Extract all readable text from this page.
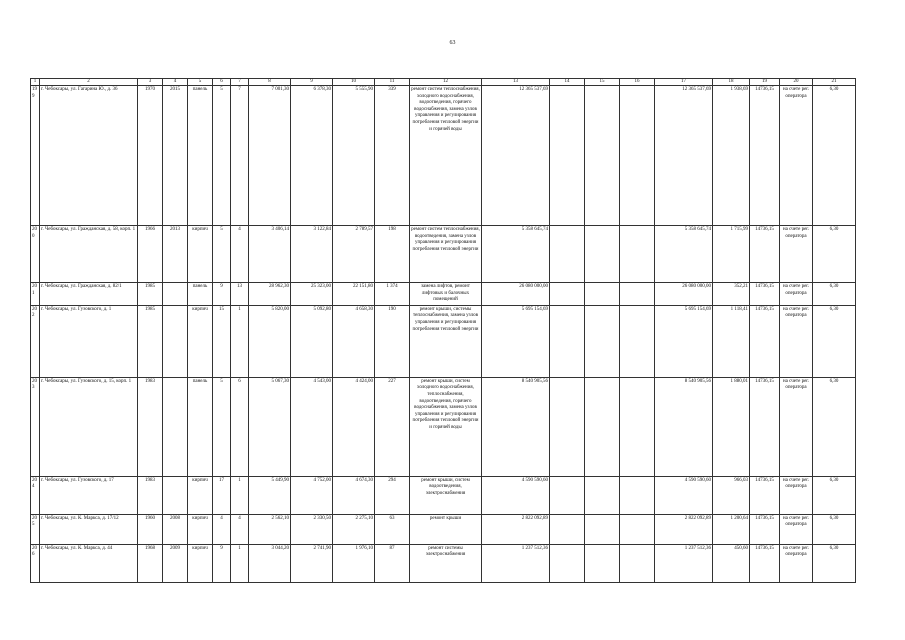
63
1	2	3	4	5	6	7	8	9	10	11	12	13	14	15	16	17	18	19	20	21
199	г. Чебоксары, ул. Гагарина Ю., д. 36	1970	2015	панель	5	7	7 001,30	6 378,30	5 555,90	339	ремонт систем теплоснабжения, холодного водоснабжения, водоотведения, горячего водоснабжения, замена узлов управления и регулирования потребления тепловой энергии и горячей воды	12 365 537,69				12 365 537,69	1 938,69	14736,15	на счете рег. оператора	6,30
200	г. Чебоксары, ул. Гражданская, д. 58, корп. 1	1966	2013	кирпич	5	4	3 406,14	3 122,84	2 789,57	198	ремонт систем теплоснабжения, водоотведения, замена узлов управления и регулирования потребления тепловой энергии	5 358 645,74				5 358 645,74	1 715,99	14736,15	на счете рег. оператора	6,30
201	г. Чебоксары, ул. Гражданская, д. 82/1	1985		панель	9	13	28 962,30	25 323,00	22 151,80	1 374	замена лифтов, ремонт лифтовых и балочных помещений	26 080 000,00				26 080 000,00	352,21	14736,15	на счете рег. оператора	6,30
202	г. Чебоксары, ул. Гузовского, д. 1	1985		кирпич	15	1	5 820,00	5 092,80	4 658,30	190	ремонт крыши, системы теплоснабжения, замена узлов управления и регулирования потребления тепловой энергии	5 695 154,69				5 695 154,69	1 118,41	14736,15	на счете рег. оператора	6,30
203	г. Чебоксары, ул. Гузовского, д. 15, корп. 1	1983		панель	5	6	5 067,30	4 543,00	4 424,00	227	ремонт крыши, систем холодного водоснабжения, теплоснабжения, водоотведения, горячего водоснабжения, замена узлов управления и регулирования потребления тепловой энергии и горячей воды	8 540 905,56				8 540 905,56	1 880,01	14736,15	на счете рег. оператора	6,30
204	г. Чебоксары, ул. Гузовского, д. 17	1983		кирпич	17	1	5 449,90	4 752,00	4 674,30	294	ремонт крыши, систем водоотведения, электроснабжения	4 590 590,60				4 590 590,60	966,03	14736,15	на счете рег. оператора	6,30
205	г. Чебоксары, ул. К. Маркса, д. 17/12	1960	2008	кирпич	4	4	2 562,10	2 330,50	2 275,10	63	ремонт крыши	2 822 092,89				2 822 092,89	1 200,64	14736,15	на счете рег. оператора	6,30
206	г. Чебоксары, ул. К. Маркса, д. 44	1968	2009	кирпич	9	1	3 044,20	2 741,90	1 976,10	87	ремонт системы электроснабжения	1 237 512,36				1 237 512,36	450,60	14736,15	на счете рег. оператора	6,30
